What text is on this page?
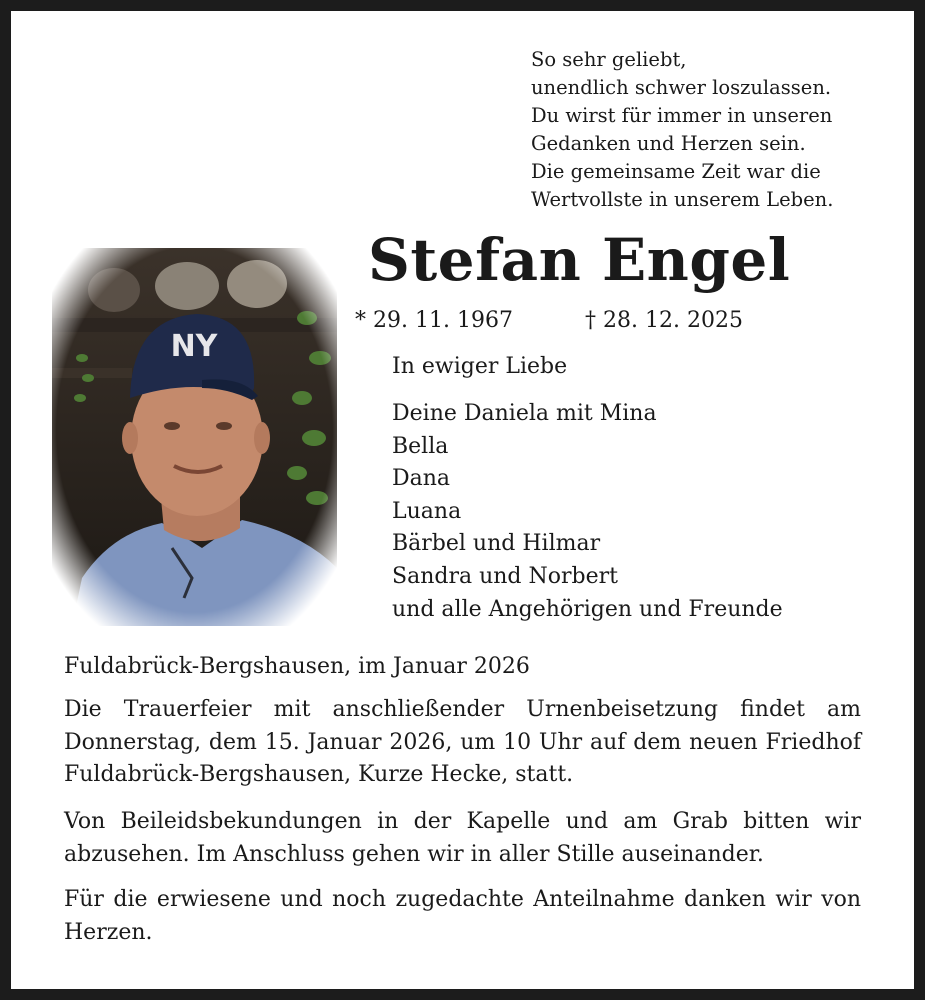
So sehr geliebt,
unendlich schwer loszulassen.
Du wirst für immer in unseren
Gedanken und Herzen sein.
Die gemeinsame Zeit war die
Wertvollste in unserem Leben.
Stefan Engel
* 29. 11. 1967	† 28. 12. 2025
In ewiger Liebe
Deine Daniela mit Mina
Bella
Dana
Luana
Bärbel und Hilmar
Sandra und Norbert
und alle Angehörigen und Freunde
Fuldabrück-Bergshausen, im Januar 2026

Die Trauerfeier mit anschließender Urnenbeisetzung findet am Donnerstag, dem 15. Januar 2026, um 10 Uhr auf dem neuen Friedhof Fuldabrück-Bergshausen, Kurze Hecke, statt.

Von Beileidsbekundungen in der Kapelle und am Grab bitten wir abzusehen. Im Anschluss gehen wir in aller Stille auseinander.

Für die erwiesene und noch zugedachte Anteilnahme danken wir von Herzen.
